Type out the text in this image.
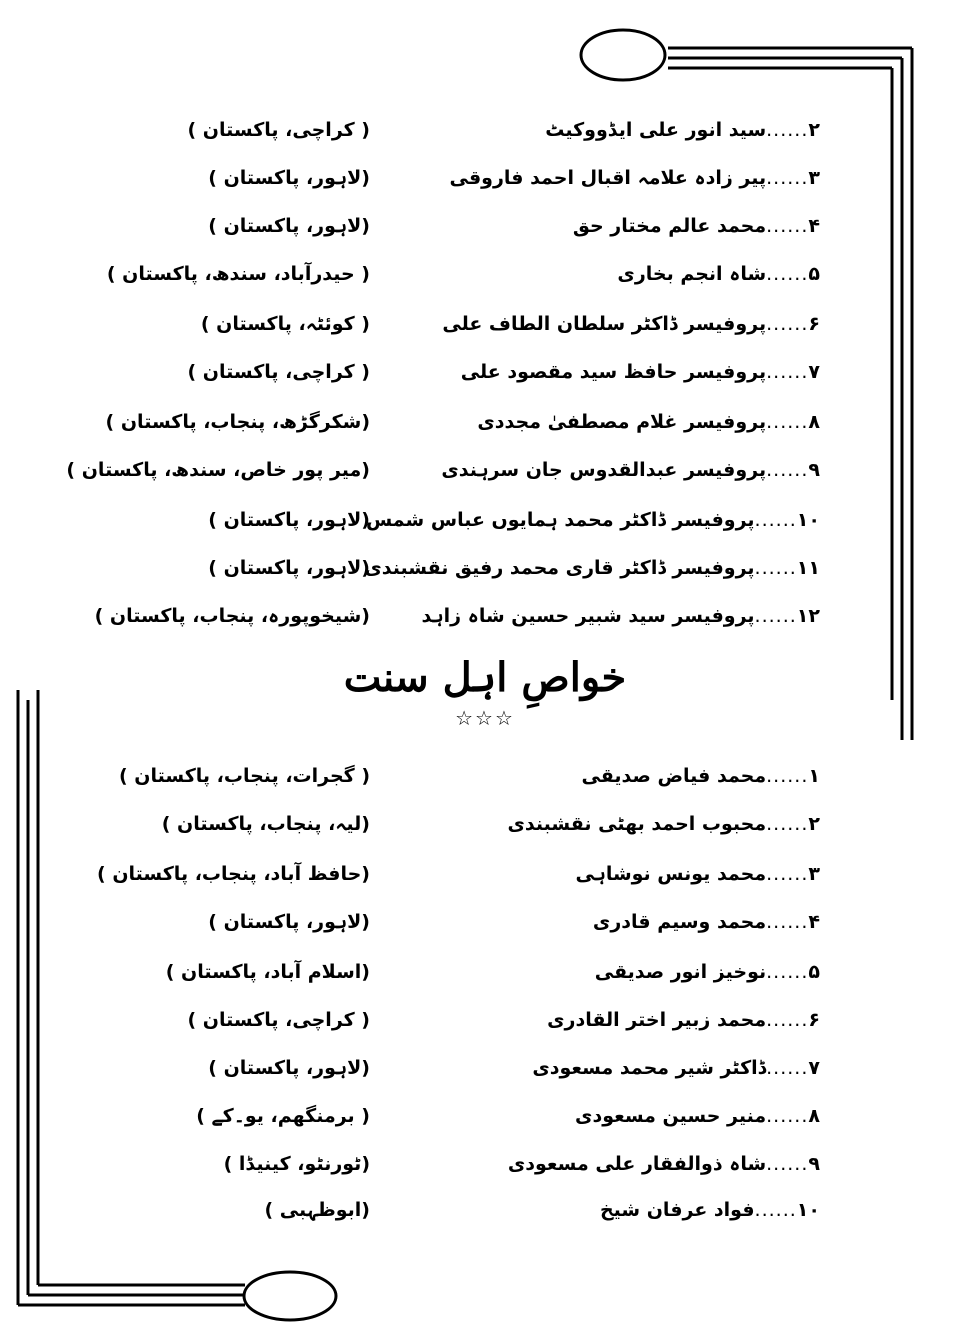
۲......سید انور علی ایڈووکیٹ
( کراچی، پاکستان )
۳......پیر زادہ علامہ اقبال احمد فاروقی
(لاہور، پاکستان )
۴......محمد عالم مختار حق
(لاہور، پاکستان )
۵......شاہ انجم بخاری
( حیدرآباد، سندھ، پاکستان )
۶......پروفیسر ڈاکٹر سلطان الطاف علی
( کوئٹہ، پاکستان )
۷......پروفیسر حافظ سید مقصود علی
( کراچی، پاکستان )
۸......پروفیسر غلام مصطفیٰ مجددی
(شکرگڑھ، پنجاب، پاکستان )
۹......پروفیسر عبدالقدوس جان سرہندی
(میر پور خاص، سندھ، پاکستان )
۱۰......پروفیسر ڈاکٹر محمد ہمایوں عباس شمس
(لاہور، پاکستان )
۱۱......پروفیسر ڈاکٹر قاری محمد رفیق نقشبندی
(لاہور، پاکستان )
۱۲......پروفیسر سید شبیر حسین شاہ زاہد
(شیخوپورہ، پنجاب، پاکستان )
خواصِ اہل سنت
☆☆☆
۱......محمد فیاض صدیقی
( گجرات، پنجاب، پاکستان )
۲......محبوب احمد بھٹی نقشبندی
(لیہ، پنجاب، پاکستان )
۳......محمد یونس نوشاہی
(حافظ آباد، پنجاب، پاکستان )
۴......محمد وسیم قادری
(لاہور، پاکستان )
۵......نوخیز انور صدیقی
(اسلام آباد، پاکستان )
۶......محمد زبیر اختر القادری
( کراچی، پاکستان )
۷......ڈاکٹر شیر محمد مسعودی
(لاہور، پاکستان )
۸......منیر حسین مسعودی
( برمنگھم، یو۔کے )
۹......شاہ ذوالفقار علی مسعودی
(ٹورنٹو، کینیڈا )
۱۰......فواد عرفان شیخ
(ابوظہبی )
